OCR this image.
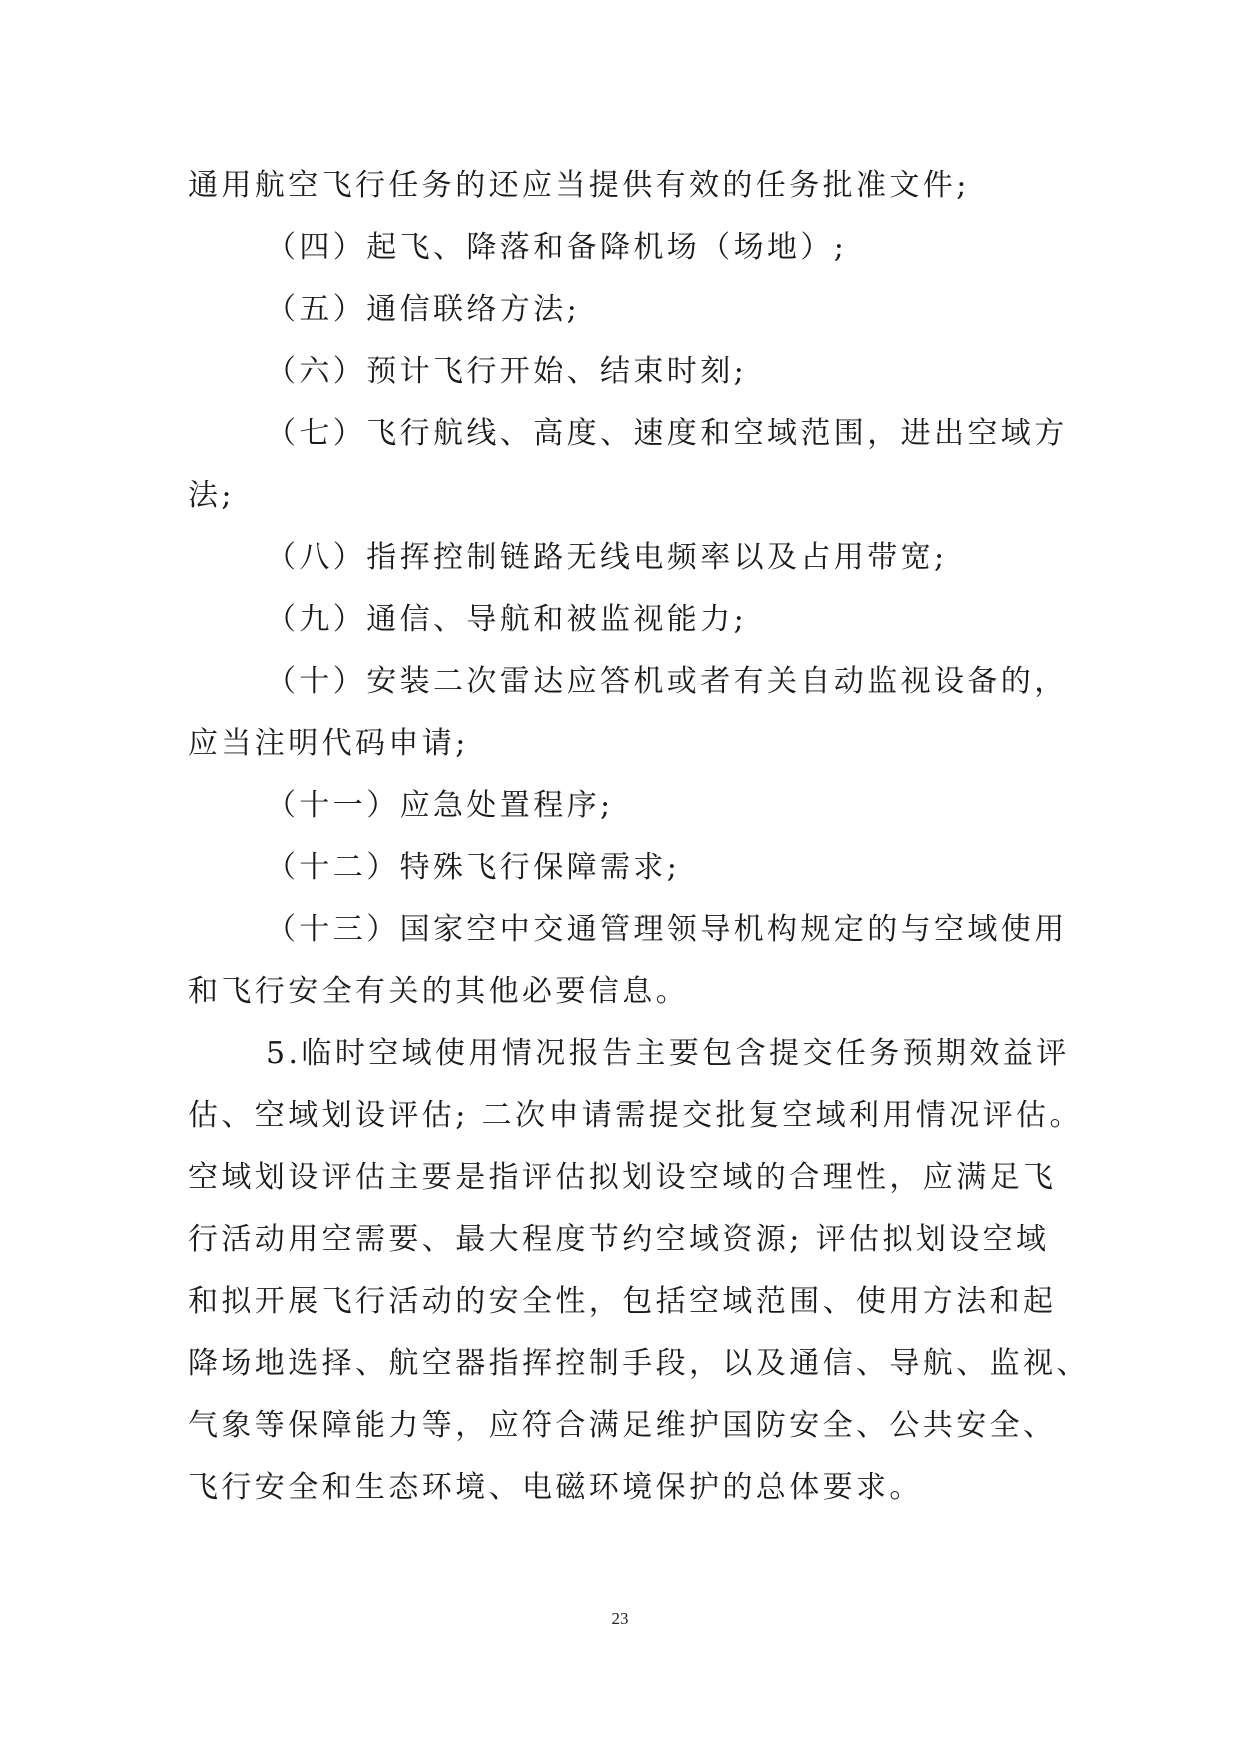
通用航空飞行任务的还应当提供有效的任务批准文件;
（四）起飞、降落和备降机场（场地）;
（五）通信联络方法;
（六）预计飞行开始、结束时刻;
（七）飞行航线、高度、速度和空域范围，进出空域方
法;
（八）指挥控制链路无线电频率以及占用带宽;
（九）通信、导航和被监视能力;
（十）安装二次雷达应答机或者有关自动监视设备的，
应当注明代码申请;
（十一）应急处置程序;
（十二）特殊飞行保障需求;
（十三）国家空中交通管理领导机构规定的与空域使用
和飞行安全有关的其他必要信息。
5.临时空域使用情况报告主要包含提交任务预期效益评
估、空域划设评估; 二次申请需提交批复空域利用情况评估。
空域划设评估主要是指评估拟划设空域的合理性，应满足飞
行活动用空需要、最大程度节约空域资源; 评估拟划设空域
和拟开展飞行活动的安全性，包括空域范围、使用方法和起
降场地选择、航空器指挥控制手段，以及通信、导航、监视、
气象等保障能力等，应符合满足维护国防安全、公共安全、
飞行安全和生态环境、电磁环境保护的总体要求。
23
